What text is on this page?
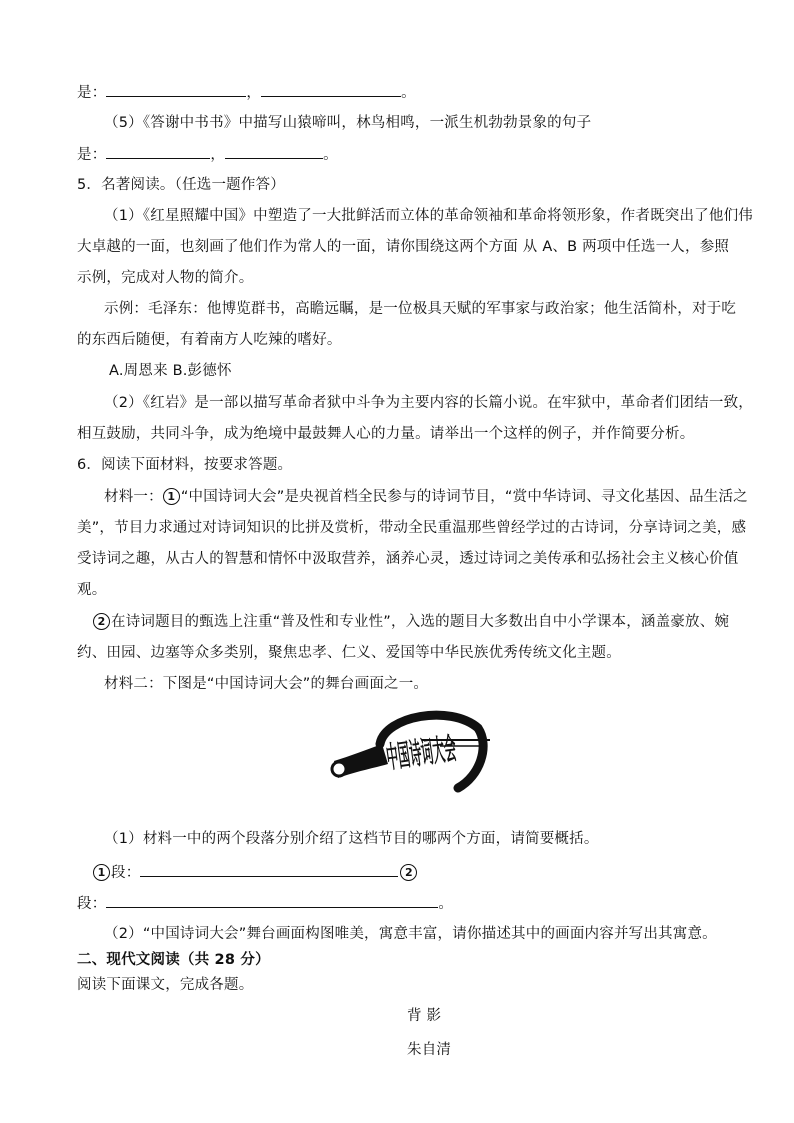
是：	，	。
（5）《答谢中书书》中描写山猿啼叫，林鸟相鸣，一派生机勃勃景象的句子
是：	，	。
5．名著阅读。（任选一题作答）
（1）《红星照耀中国》中塑造了一大批鲜活而立体的革命领袖和革命将领形象，作者既突出了他们伟
大卓越的一面，也刻画了他们作为常人的一面，请你围绕这两个方面 从 A、B 两项中任选一人，参照
示例，完成对人物的简介。
示例：毛泽东：他博览群书，高瞻远瞩，是一位极具天赋的军事家与政治家；他生活简朴，对于吃
的东西后随便，有着南方人吃辣的嗜好。
A.周恩来 B.彭德怀
（2）《红岩》是一部以描写革命者狱中斗争为主要内容的长篇小说。在牢狱中，革命者们团结一致，
相互鼓励，共同斗争，成为绝境中最鼓舞人心的力量。请举出一个这样的例子，并作简要分析。
6．阅读下面材料，按要求答题。
材料一： 1 “中国诗词大会”是央视首档全民参与的诗词节目，“赏中华诗词、寻文化基因、品生活之
美”，节目力求通过对诗词知识的比拼及赏析，带动全民重温那些曾经学过的古诗词，分享诗词之美，感
受诗词之趣，从古人的智慧和情怀中汲取营养，涵养心灵，透过诗词之美传承和弘扬社会主义核心价值
观。
2 在诗词题目的甄选上注重“普及性和专业性”，入选的题目大多数出自中小学课本，涵盖豪放、婉
约、田园、边塞等众多类别，聚焦忠孝、仁义、爱国等中华民族优秀传统文化主题。
材料二：下图是“中国诗词大会”的舞台画面之一。
中国诗词大会
（1）材料一中的两个段落分别介绍了这档节目的哪两个方面，请简要概括。
1 段：	2
段：	。
（2）“中国诗词大会”舞台画面构图唯美，寓意丰富，请你描述其中的画面内容并写出其寓意。
二、现代文阅读（共 28 分）
阅读下面课文，完成各题。
背 影
朱自清
